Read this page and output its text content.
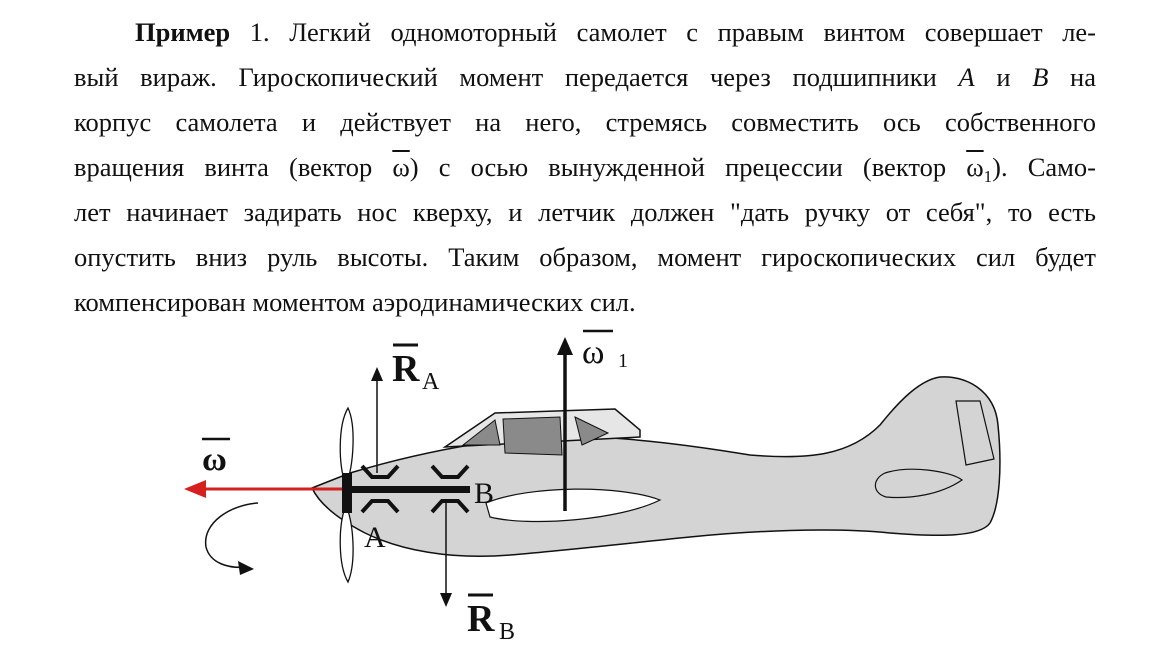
Пример 1. Легкий одномоторный самолет с правым винтом совершает ле-
вый вираж. Гироскопический момент передается через подшипники A и B на
корпус самолета и действует на него, стремясь совместить ось собственного
вращения винта (вектор $\overline{\omega}$) с осью вынужденной прецессии (вектор $\overline{\omega}_1$). Само-
лет начинает задирать нос кверху, и летчик должен "дать ручку от себя", то есть
опустить вниз руль высоты. Таким образом, момент гироскопических сил будет
компенсирован моментом аэродинамических сил.
ω
ω 1
R A
R B
A
B
